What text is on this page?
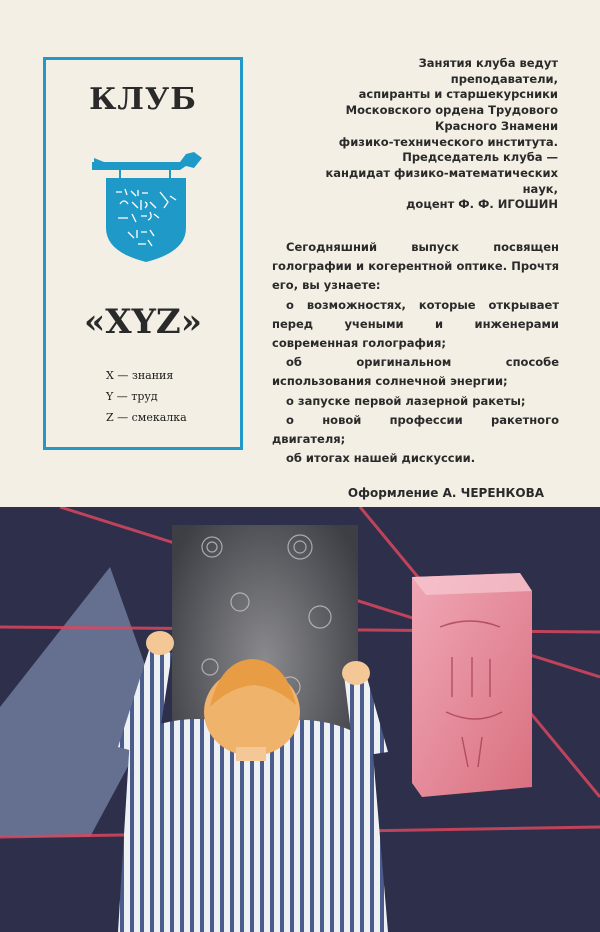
КЛУБ
«XYZ»
X — знания
Y — труд
Z — смекалка
Занятия клуба ведут
преподаватели,
аспиранты и старшекурсники
Московского ордена Трудового
Красного Знамени
физико-технического института.
Председатель клуба —
кандидат физико-математических
наук,
доцент Ф. Ф. ИГОШИН

Сегодняшний выпуск посвящен голографии и когерентной оптике. Прочтя его, вы узнаете:

о возможностях, которые открывает перед учеными и инженерами современная голография;

об оригинальном способе использования солнечной энергии;

о запуске первой лазерной ракеты;

о новой профессии ракетного двигателя;

об итогах нашей дискуссии.

Оформление А. ЧЕРЕНКОВА
